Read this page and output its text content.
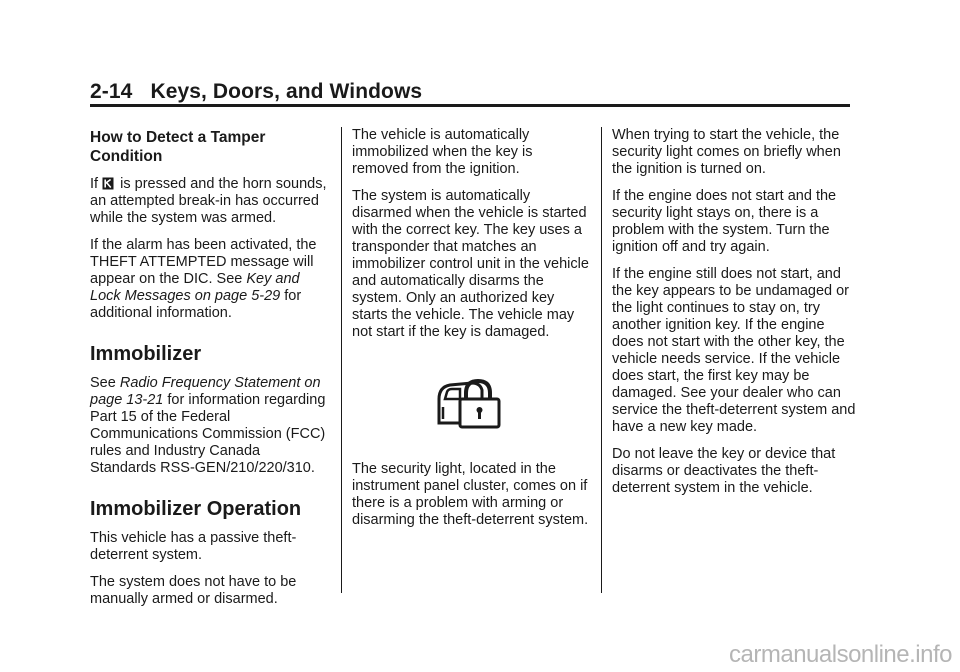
2-14 Keys, Doors, and Windows
How to Detect a Tamper Condition

If is pressed and the horn sounds, an attempted break-in has occurred while the system was armed.

If the alarm has been activated, the THEFT ATTEMPTED message will appear on the DIC. See Key and Lock Messages on page 5-29 for additional information.

Immobilizer

See Radio Frequency Statement on page 13-21 for information regarding Part 15 of the Federal Communications Commission (FCC) rules and Industry Canada Standards RSS-GEN/210/220/310.

Immobilizer Operation

This vehicle has a passive theft-deterrent system.

The system does not have to be manually armed or disarmed.

The vehicle is automatically immobilized when the key is removed from the ignition.

The system is automatically disarmed when the vehicle is started with the correct key. The key uses a transponder that matches an immobilizer control unit in the vehicle and automatically disarms the system. Only an authorized key starts the vehicle. The vehicle may not start if the key is damaged.

The security light, located in the instrument panel cluster, comes on if there is a problem with arming or disarming the theft-deterrent system.

When trying to start the vehicle, the security light comes on briefly when the ignition is turned on.

If the engine does not start and the security light stays on, there is a problem with the system. Turn the ignition off and try again.

If the engine still does not start, and the key appears to be undamaged or the light continues to stay on, try another ignition key. If the engine does not start with the other key, the vehicle needs service. If the vehicle does start, the first key may be damaged. See your dealer who can service the theft-deterrent system and have a new key made.

Do not leave the key or device that disarms or deactivates the theft-deterrent system in the vehicle.

carmanualsonline.info
